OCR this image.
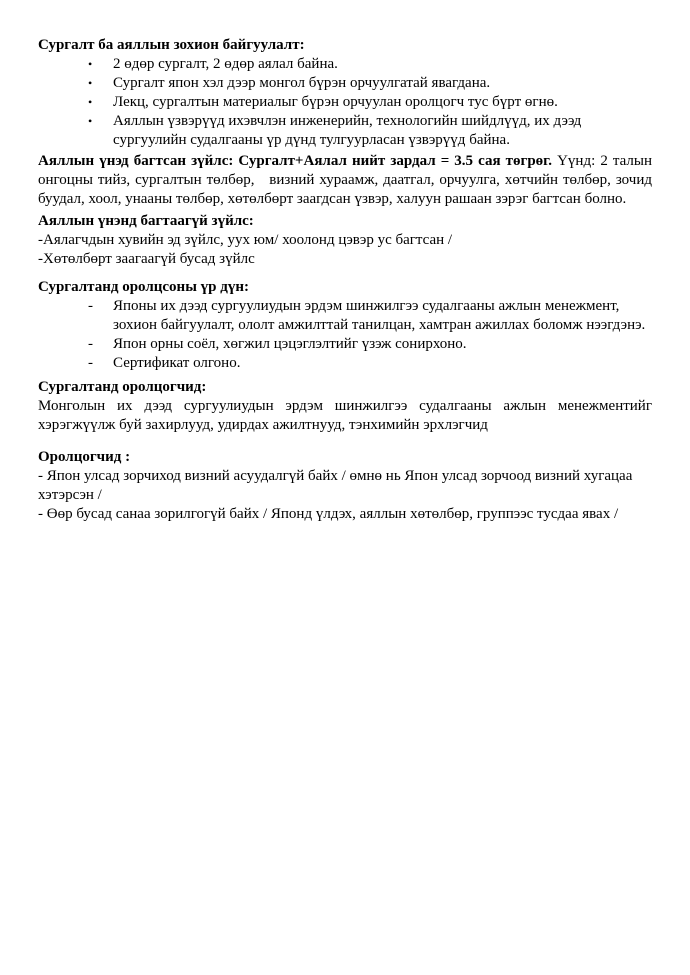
Сургалт ба аяллын зохион байгуулалт:

• 2 өдөр сургалт, 2 өдөр аялал байна.
• Сургалт япон хэл дээр монгол бүрэн орчуулгатай явагдана.
• Лекц, сургалтын материалыг бүрэн орчуулан оролцогч тус бүрт өгнө.
• Аяллын үзвэрүүд ихэвчлэн инженерийн, технологийн шийдлүүд, их дээд сургуулийн судалгааны үр дүнд тулгуурласан үзвэрүүд байна.

Аяллын үнэд багтсан зүйлс: Сургалт+Аялал нийт зардал = 3.5 сая төгрөг. Үүнд: 2 талын онгоцны тийз, сургалтын төлбөр,   визний хураамж, даатгал, орчуулга, хөтчийн төлбөр, зочид буудал, хоол, унааны төлбөр, хөтөлбөрт заагдсан үзвэр, халуун рашаан зэрэг багтсан болно.

Аяллын үнэнд багтаагүй зүйлс:

-Аялагчдын хувийн эд зүйлс, уух юм/ хоолонд цэвэр ус багтсан /

-Хөтөлбөрт заагаагүй бусад зүйлс

Сургалтанд оролцсоны үр дүн:

- Японы их дээд сургуулиудын эрдэм шинжилгээ судалгааны ажлын менежмент, зохион байгуулалт, ололт амжилттай танилцан, хамтран ажиллах боломж нээгдэнэ.
- Япон орны соёл, хөгжил цэцэглэлтийг үзэж сонирхоно.
- Сертификат олгоно.

Сургалтанд оролцогчид:

Монголын их дээд сургуулиудын эрдэм шинжилгээ судалгааны ажлын менежментийг хэрэгжүүлж буй захирлууд, удирдах ажилтнууд, тэнхимийн эрхлэгчид

Оролцогчид :

- Япон улсад зорчиход визний асуудалгүй байх / өмнө нь Япон улсад зорчоод визний хугацаа хэтэрсэн /

- Өөр бусад санаа зорилгогүй байх / Японд үлдэх, аяллын хөтөлбөр, группээс тусдаа явах /
